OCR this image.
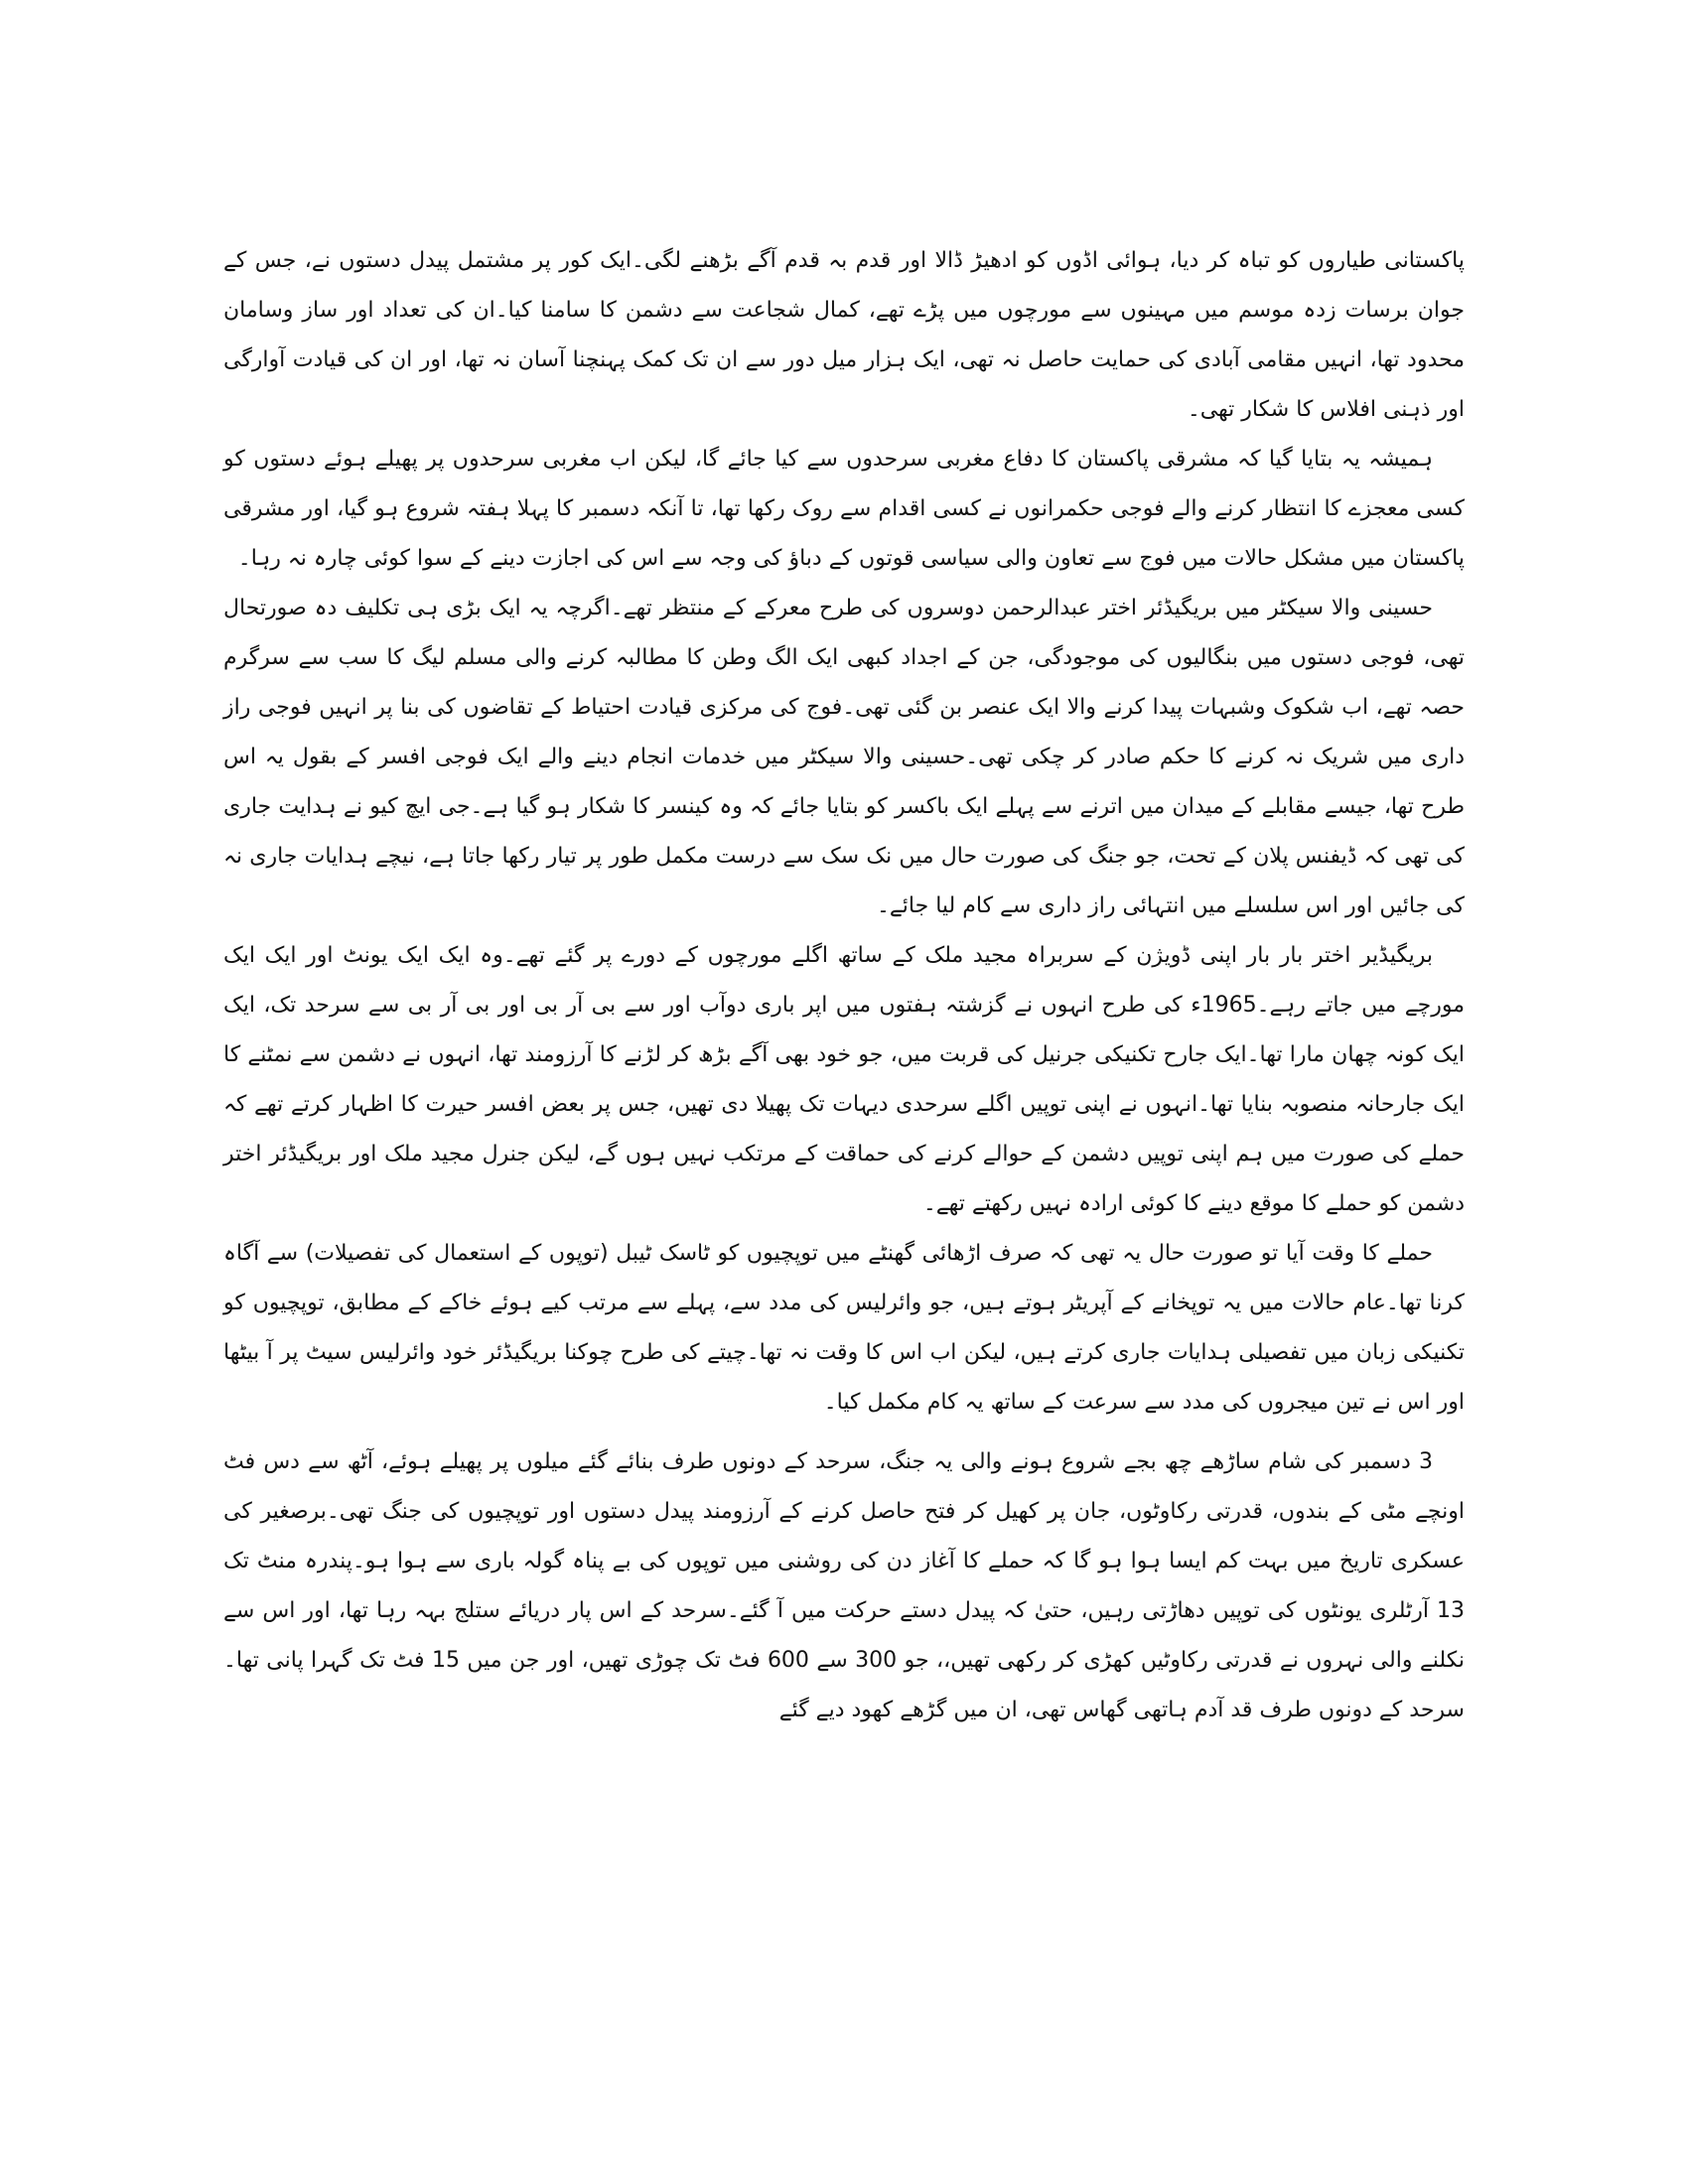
پاکستانی طیاروں کو تباہ کر دیا، ہوائی اڈوں کو ادھیڑ ڈالا اور قدم بہ قدم آگے بڑھنے لگی۔ایک کور پر مشتمل پیدل دستوں نے، جس کے جوان برسات زدہ موسم میں مہینوں سے مورچوں میں پڑے تھے، کمال شجاعت سے دشمن کا سامنا کیا۔ان کی تعداد اور ساز وسامان محدود تھا، انہیں مقامی آبادی کی حمایت حاصل نہ تھی، ایک ہزار میل دور سے ان تک کمک پہنچنا آسان نہ تھا، اور ان کی قیادت آوارگی اور ذہنی افلاس کا شکار تھی۔

ہمیشہ یہ بتایا گیا کہ مشرقی پاکستان کا دفاع مغربی سرحدوں سے کیا جائے گا، لیکن اب مغربی سرحدوں پر پھیلے ہوئے دستوں کو کسی معجزے کا انتظار کرنے والے فوجی حکمرانوں نے کسی اقدام سے روک رکھا تھا، تا آنکہ دسمبر کا پہلا ہفتہ شروع ہو گیا، اور مشرقی پاکستان میں مشکل حالات میں فوج سے تعاون والی سیاسی قوتوں کے دباؤ کی وجہ سے اس کی اجازت دینے کے سوا کوئی چارہ نہ رہا۔

حسینی والا سیکٹر میں بریگیڈئر اختر عبدالرحمن دوسروں کی طرح معرکے کے منتظر تھے۔اگرچہ یہ ایک بڑی ہی تکلیف دہ صورتحال تھی، فوجی دستوں میں بنگالیوں کی موجودگی، جن کے اجداد کبھی ایک الگ وطن کا مطالبہ کرنے والی مسلم لیگ کا سب سے سرگرم حصہ تھے، اب شکوک وشبہات پیدا کرنے والا ایک عنصر بن گئی تھی۔فوج کی مرکزی قیادت احتیاط کے تقاضوں کی بنا پر انہیں فوجی راز داری میں شریک نہ کرنے کا حکم صادر کر چکی تھی۔حسینی والا سیکٹر میں خدمات انجام دینے والے ایک فوجی افسر کے بقول یہ اس طرح تھا، جیسے مقابلے کے میدان میں اترنے سے پہلے ایک باکسر کو بتایا جائے کہ وہ کینسر کا شکار ہو گیا ہے۔جی ایچ کیو نے ہدایت جاری کی تھی کہ ڈیفنس پلان کے تحت، جو جنگ کی صورت حال میں نک سک سے درست مکمل طور پر تیار رکھا جاتا ہے، نیچے ہدایات جاری نہ کی جائیں اور اس سلسلے میں انتہائی راز داری سے کام لیا جائے۔

بریگیڈیر اختر بار بار اپنی ڈویژن کے سربراہ مجید ملک کے ساتھ اگلے مورچوں کے دورے پر گئے تھے۔وہ ایک ایک یونٹ اور ایک ایک مورچے میں جاتے رہے۔1965ء کی طرح انہوں نے گزشتہ ہفتوں میں اپر باری دوآب اور سے بی آر بی اور بی آر بی سے سرحد تک، ایک ایک کونہ چھان مارا تھا۔ایک جارح تکنیکی جرنیل کی قربت میں، جو خود بھی آگے بڑھ کر لڑنے کا آرزومند تھا، انہوں نے دشمن سے نمٹنے کا ایک جارحانہ منصوبہ بنایا تھا۔انہوں نے اپنی توپیں اگلے سرحدی دیہات تک پھیلا دی تھیں، جس پر بعض افسر حیرت کا اظہار کرتے تھے کہ حملے کی صورت میں ہم اپنی توپیں دشمن کے حوالے کرنے کی حماقت کے مرتکب نہیں ہوں گے، لیکن جنرل مجید ملک اور بریگیڈئر اختر دشمن کو حملے کا موقع دینے کا کوئی ارادہ نہیں رکھتے تھے۔

حملے کا وقت آیا تو صورت حال یہ تھی کہ صرف اڑھائی گھنٹے میں توپچیوں کو ٹاسک ٹیبل (توپوں کے استعمال کی تفصیلات) سے آگاہ کرنا تھا۔عام حالات میں یہ توپخانے کے آپریٹر ہوتے ہیں، جو وائرلیس کی مدد سے، پہلے سے مرتب کیے ہوئے خاکے کے مطابق، توپچیوں کو تکنیکی زبان میں تفصیلی ہدایات جاری کرتے ہیں، لیکن اب اس کا وقت نہ تھا۔چیتے کی طرح چوکنا بریگیڈئر خود وائرلیس سیٹ پر آ بیٹھا اور اس نے تین میجروں کی مدد سے سرعت کے ساتھ یہ کام مکمل کیا۔

3 دسمبر کی شام ساڑھے چھ بجے شروع ہونے والی یہ جنگ، سرحد کے دونوں طرف بنائے گئے میلوں پر پھیلے ہوئے، آٹھ سے دس فٹ اونچے مٹی کے بندوں، قدرتی رکاوٹوں، جان پر کھیل کر فتح حاصل کرنے کے آرزومند پیدل دستوں اور توپچیوں کی جنگ تھی۔برصغیر کی عسکری تاریخ میں بہت کم ایسا ہوا ہو گا کہ حملے کا آغاز دن کی روشنی میں توپوں کی بے پناہ گولہ باری سے ہوا ہو۔پندرہ منٹ تک 13 آرٹلری یونٹوں کی توپیں دھاڑتی رہیں، حتیٰ کہ پیدل دستے حرکت میں آ گئے۔سرحد کے اس پار دریائے ستلج بہہ رہا تھا، اور اس سے نکلنے والی نہروں نے قدرتی رکاوٹیں کھڑی کر رکھی تھیں،، جو 300 سے 600 فٹ تک چوڑی تھیں، اور جن میں 15 فٹ تک گہرا پانی تھا۔سرحد کے دونوں طرف قد آدم ہاتھی گھاس تھی، ان میں گڑھے کھود دیے گئے
